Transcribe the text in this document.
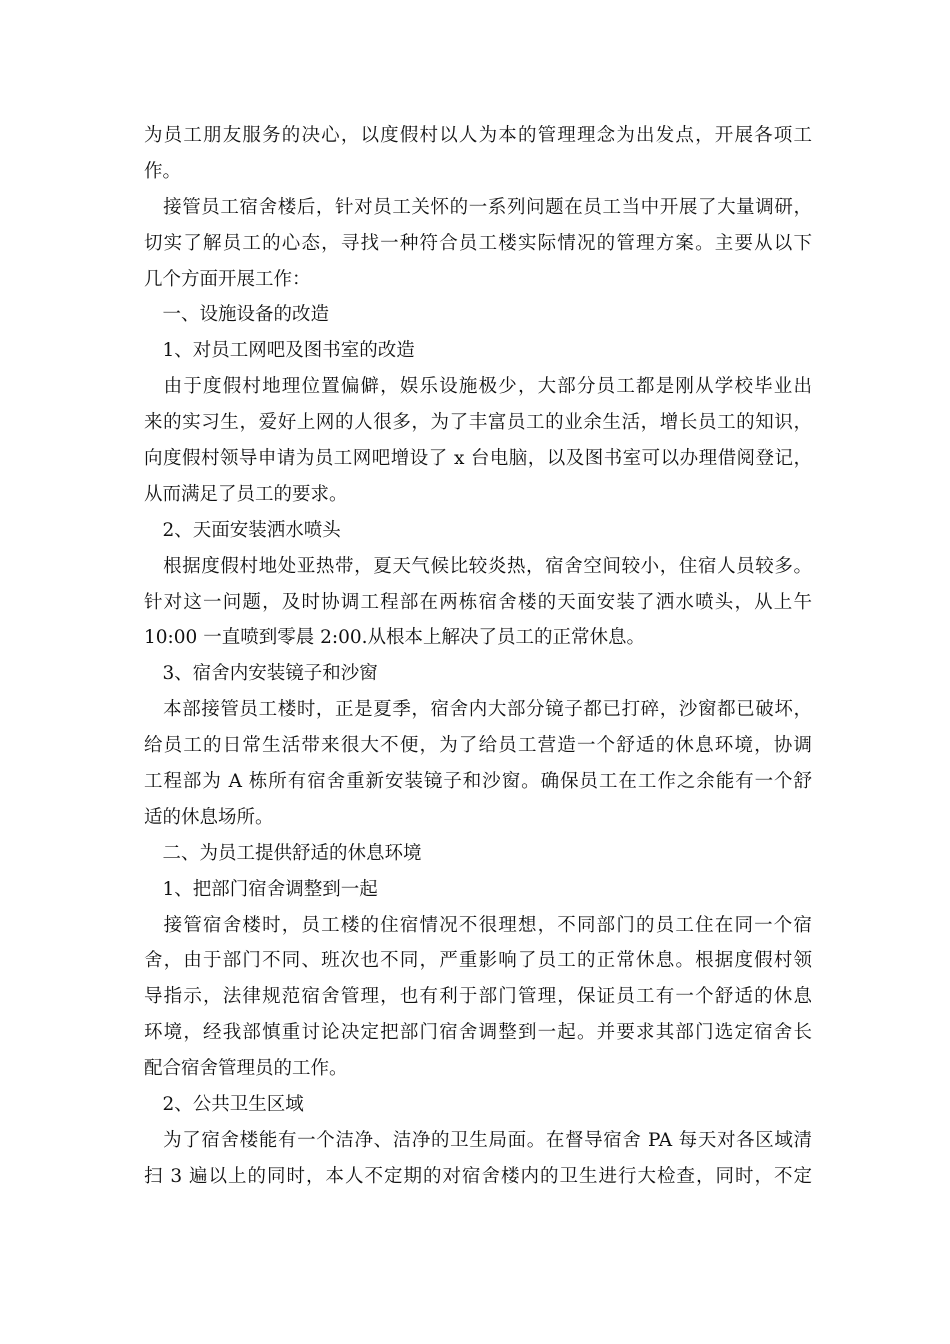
为员工朋友服务的决心，以度假村以人为本的管理理念为出发点，开展各项工
作。
　接管员工宿舍楼后，针对员工关怀的一系列问题在员工当中开展了大量调研，
切实了解员工的心态，寻找一种符合员工楼实际情况的管理方案。主要从以下
几个方面开展工作：
　一、设施设备的改造
　1、对员工网吧及图书室的改造
　由于度假村地理位置偏僻，娱乐设施极少，大部分员工都是刚从学校毕业出
来的实习生，爱好上网的人很多，为了丰富员工的业余生活，增长员工的知识，
向度假村领导申请为员工网吧增设了 x 台电脑，以及图书室可以办理借阅登记，
从而满足了员工的要求。
　2、天面安装洒水喷头
　根据度假村地处亚热带，夏天气候比较炎热，宿舍空间较小，住宿人员较多。
针对这一问题，及时协调工程部在两栋宿舍楼的天面安装了洒水喷头，从上午
10:00 一直喷到零晨 2:00.从根本上解决了员工的正常休息。
　3、宿舍内安装镜子和沙窗
　本部接管员工楼时，正是夏季，宿舍内大部分镜子都已打碎，沙窗都已破坏，
给员工的日常生活带来很大不便，为了给员工营造一个舒适的休息环境，协调
工程部为 A 栋所有宿舍重新安装镜子和沙窗。确保员工在工作之余能有一个舒
适的休息场所。
　二、为员工提供舒适的休息环境
　1、把部门宿舍调整到一起
　接管宿舍楼时，员工楼的住宿情况不很理想，不同部门的员工住在同一个宿
舍，由于部门不同、班次也不同，严重影响了员工的正常休息。根据度假村领
导指示，法律规范宿舍管理，也有利于部门管理，保证员工有一个舒适的休息
环境，经我部慎重讨论决定把部门宿舍调整到一起。并要求其部门选定宿舍长
配合宿舍管理员的工作。
　2、公共卫生区域
　为了宿舍楼能有一个洁净、洁净的卫生局面。在督导宿舍 PA 每天对各区域清
扫 3 遍以上的同时，本人不定期的对宿舍楼内的卫生进行大检查，同时，不定
